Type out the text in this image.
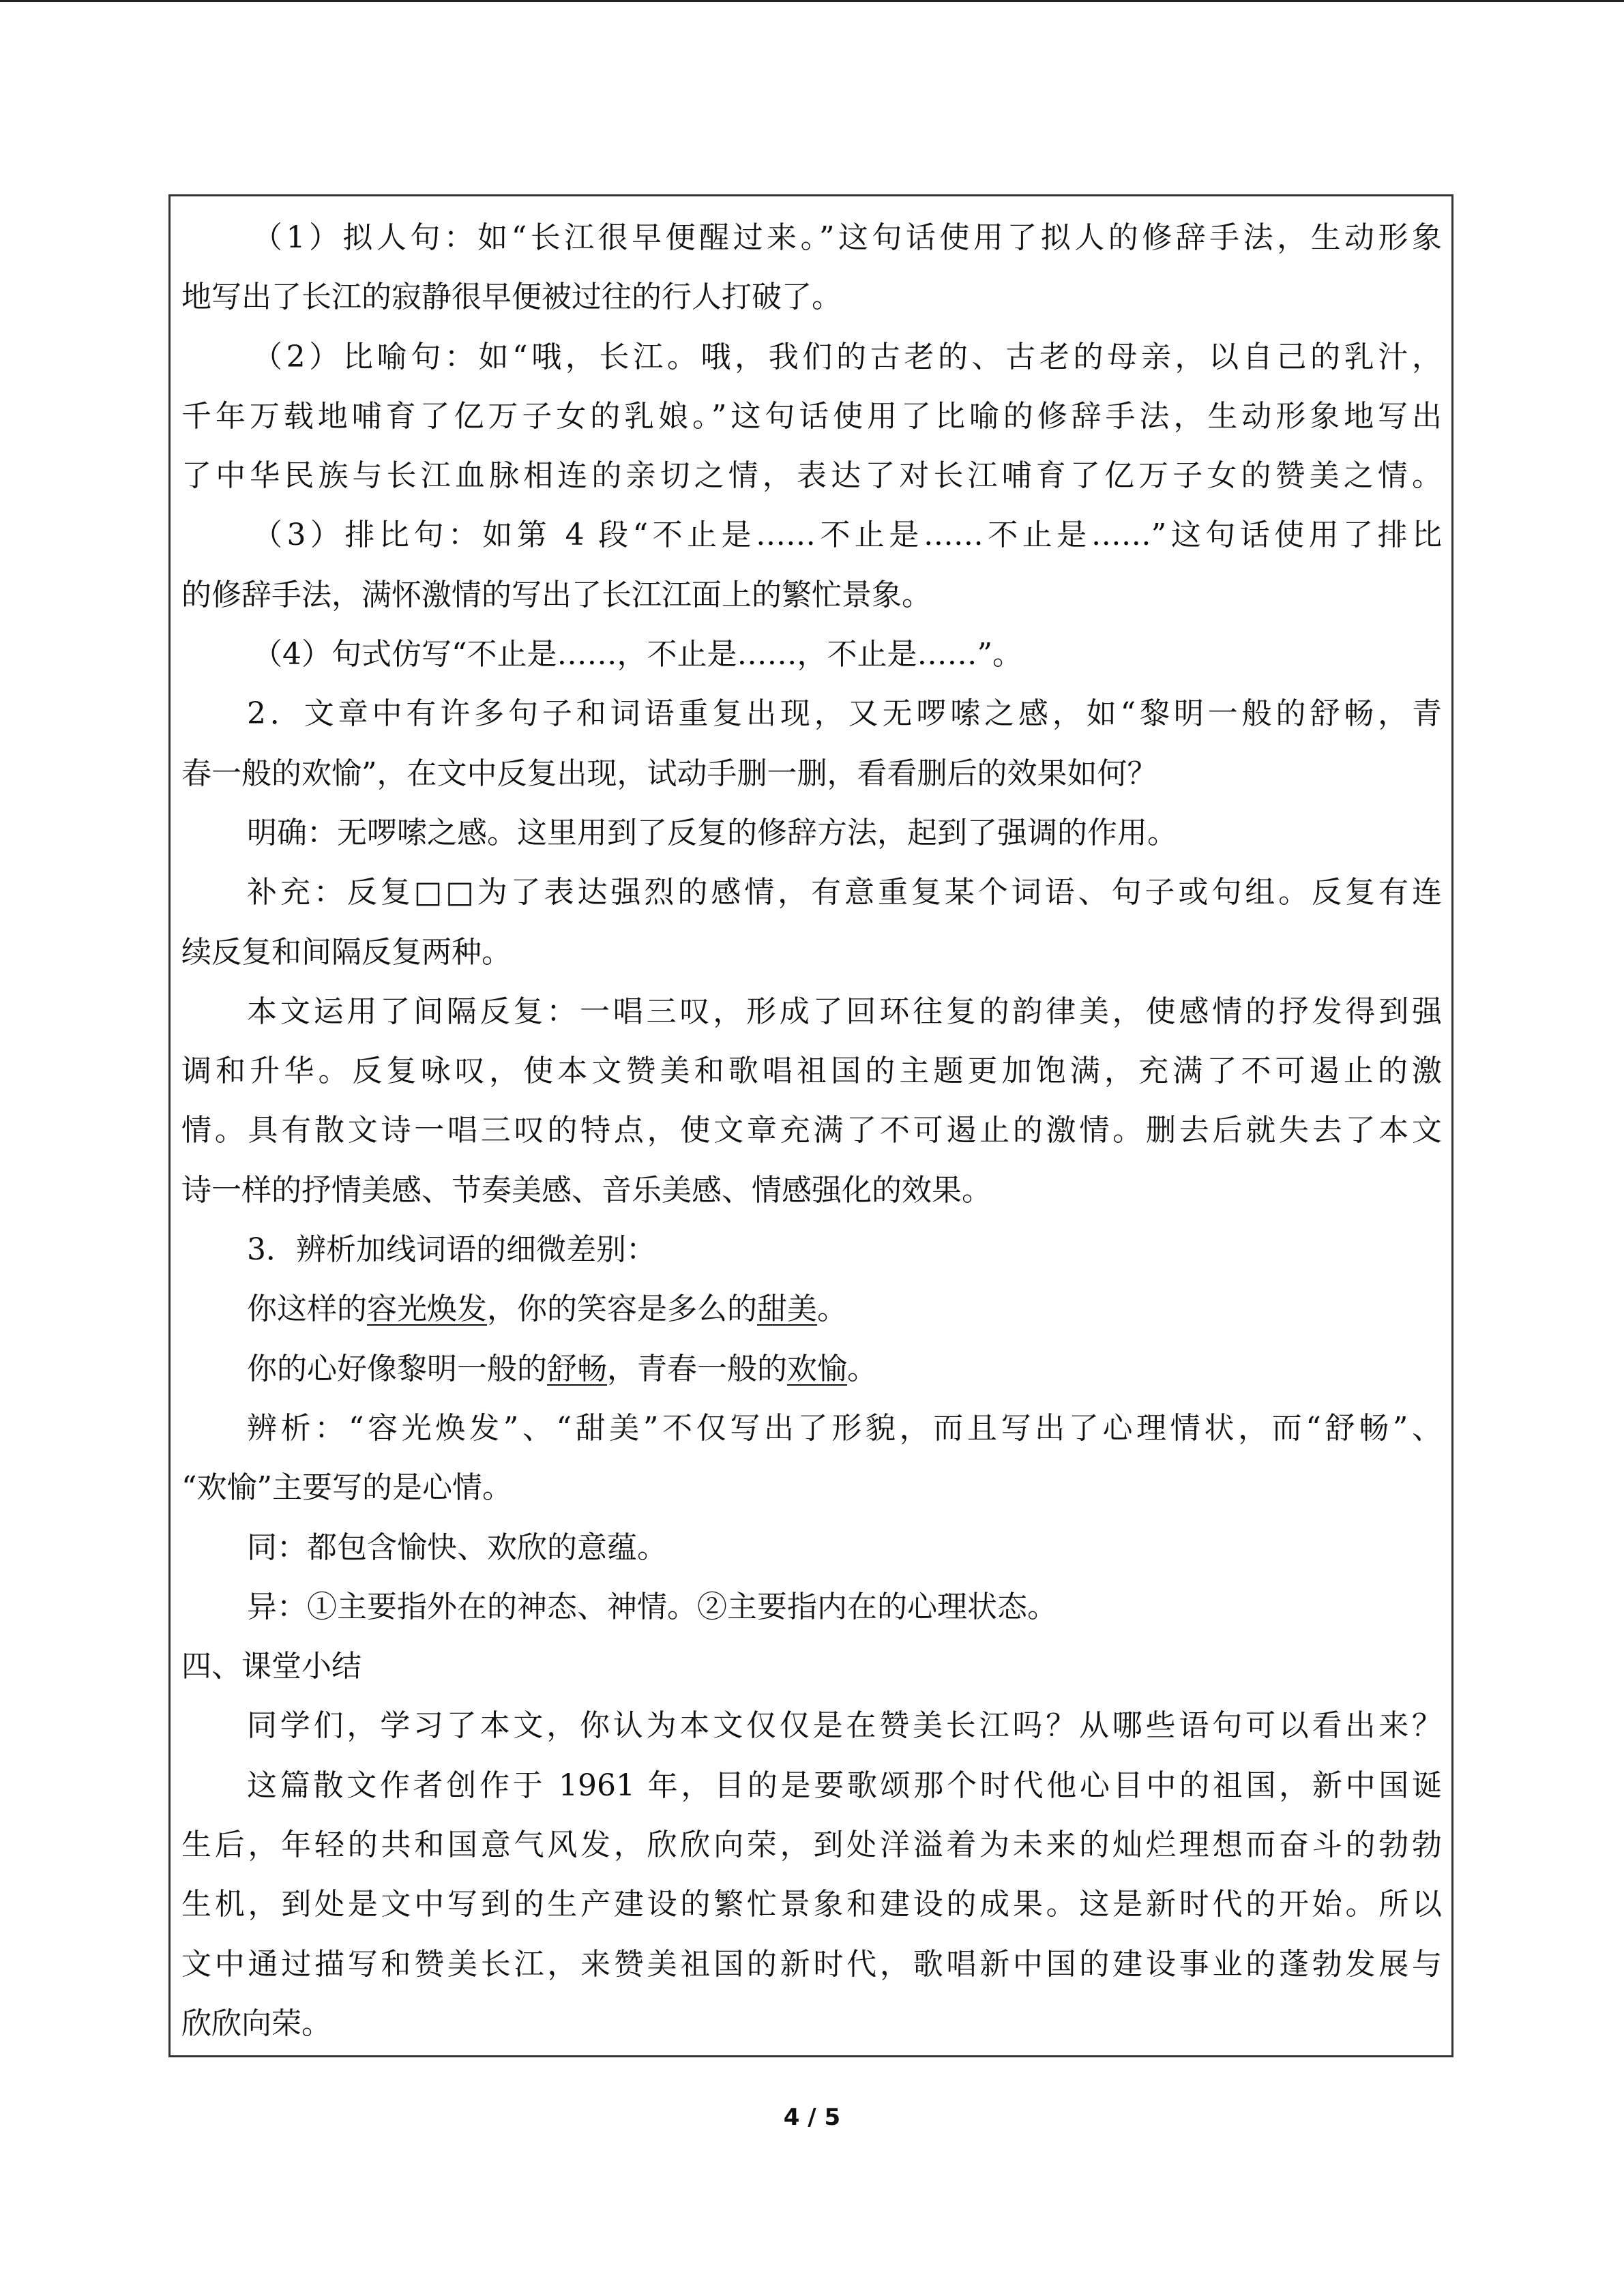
（1）拟人句：如“长江很早便醒过来。”这句话使用了拟人的修辞手法，生动形象
地写出了长江的寂静很早便被过往的行人打破了。
（2）比喻句：如“哦，长江。哦，我们的古老的、古老的母亲，以自己的乳汁，
千年万载地哺育了亿万子女的乳娘。”这句话使用了比喻的修辞手法，生动形象地写出
了中华民族与长江血脉相连的亲切之情，表达了对长江哺育了亿万子女的赞美之情。
（3）排比句：如第 4 段“不止是……不止是……不止是……”这句话使用了排比
的修辞手法，满怀激情的写出了长江江面上的繁忙景象。
（4）句式仿写“不止是……，不止是……，不止是……”。
2．文章中有许多句子和词语重复出现，又无啰嗦之感，如“黎明一般的舒畅，青
春一般的欢愉”，在文中反复出现，试动手删一删，看看删后的效果如何？
明确：无啰嗦之感。这里用到了反复的修辞方法，起到了强调的作用。
补充：反复□□为了表达强烈的感情，有意重复某个词语、句子或句组。反复有连
续反复和间隔反复两种。
本文运用了间隔反复：一唱三叹，形成了回环往复的韵律美，使感情的抒发得到强
调和升华。反复咏叹，使本文赞美和歌唱祖国的主题更加饱满，充满了不可遏止的激
情。具有散文诗一唱三叹的特点，使文章充满了不可遏止的激情。删去后就失去了本文
诗一样的抒情美感、节奏美感、音乐美感、情感强化的效果。
3．辨析加线词语的细微差别：
你这样的容光焕发，你的笑容是多么的甜美。
你的心好像黎明一般的舒畅，青春一般的欢愉。
辨析：“容光焕发”、“甜美”不仅写出了形貌，而且写出了心理情状，而“舒畅”、
“欢愉”主要写的是心情。
同：都包含愉快、欢欣的意蕴。
异：①主要指外在的神态、神情。②主要指内在的心理状态。
四、课堂小结
同学们，学习了本文，你认为本文仅仅是在赞美长江吗？从哪些语句可以看出来？
这篇散文作者创作于 1961 年，目的是要歌颂那个时代他心目中的祖国，新中国诞
生后，年轻的共和国意气风发，欣欣向荣，到处洋溢着为未来的灿烂理想而奋斗的勃勃
生机，到处是文中写到的生产建设的繁忙景象和建设的成果。这是新时代的开始。所以
文中通过描写和赞美长江，来赞美祖国的新时代，歌唱新中国的建设事业的蓬勃发展与
欣欣向荣。
4 / 5
